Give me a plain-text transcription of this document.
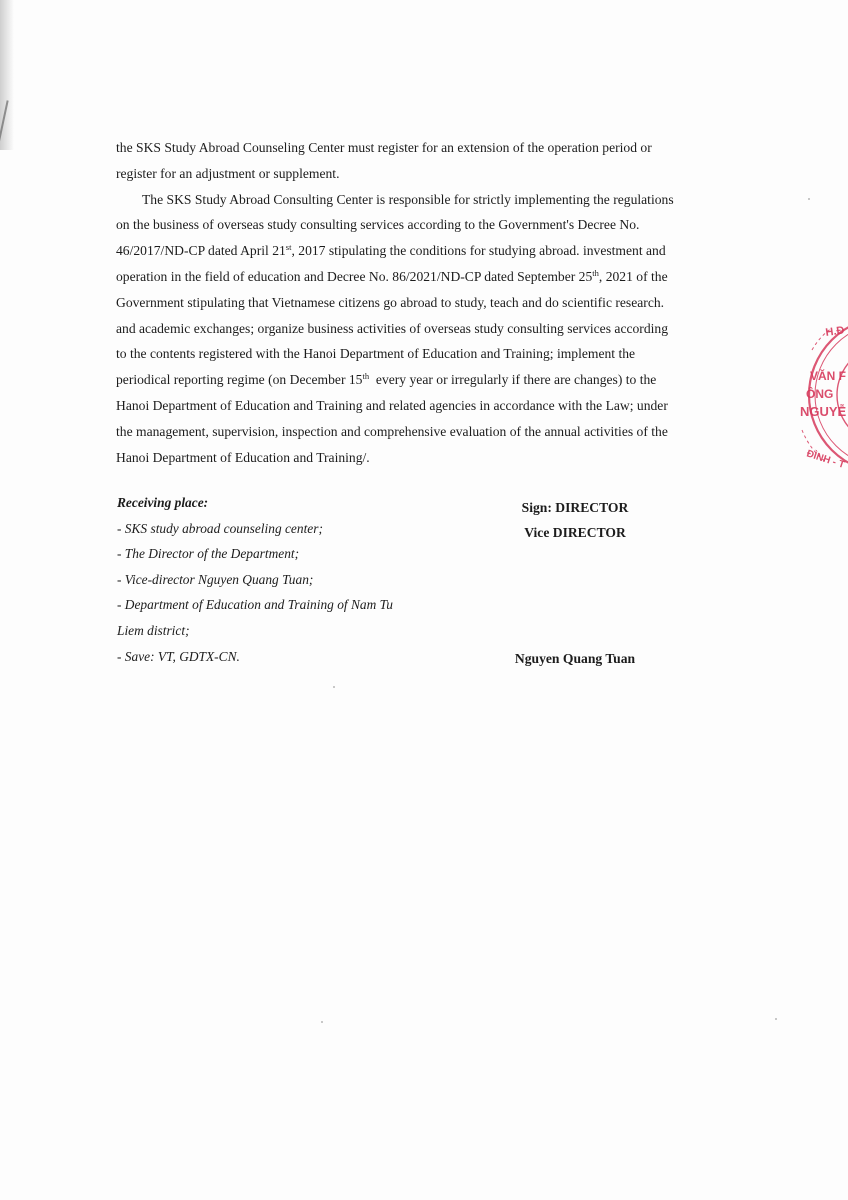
the SKS Study Abroad Counseling Center must register for an extension of the operation period or
register for an adjustment or supplement.

The SKS Study Abroad Consulting Center is responsible for strictly implementing the regulations
on the business of overseas study consulting services according to the Government's Decree No.
46/2017/ND-CP dated April 21st, 2017 stipulating the conditions for studying abroad. investment and
operation in the field of education and Decree No. 86/2021/ND-CP dated September 25th, 2021 of the
Government stipulating that Vietnamese citizens go abroad to study, teach and do scientific research.
and academic exchanges; organize business activities of overseas study consulting services according
to the contents registered with the Hanoi Department of Education and Training; implement the
periodical reporting regime (on December 15th  every year or irregularly if there are changes) to the
Hanoi Department of Education and Training and related agencies in accordance with the Law; under
the management, supervision, inspection and comprehensive evaluation of the annual activities of the
Hanoi Department of Education and Training/.

Receiving place:
- SKS study abroad counseling center;
- The Director of the Department;
- Vice-director Nguyen Quang Tuan;
- Department of Education and Training of Nam Tu
Liem district;
- Save: VT, GDTX-CN.
Sign: DIRECTOR
Vice DIRECTOR
Nguyen Quang Tuan
H.Đ
VĂN F
ÔNG
NGUYỄ
ĐÌNH - T
